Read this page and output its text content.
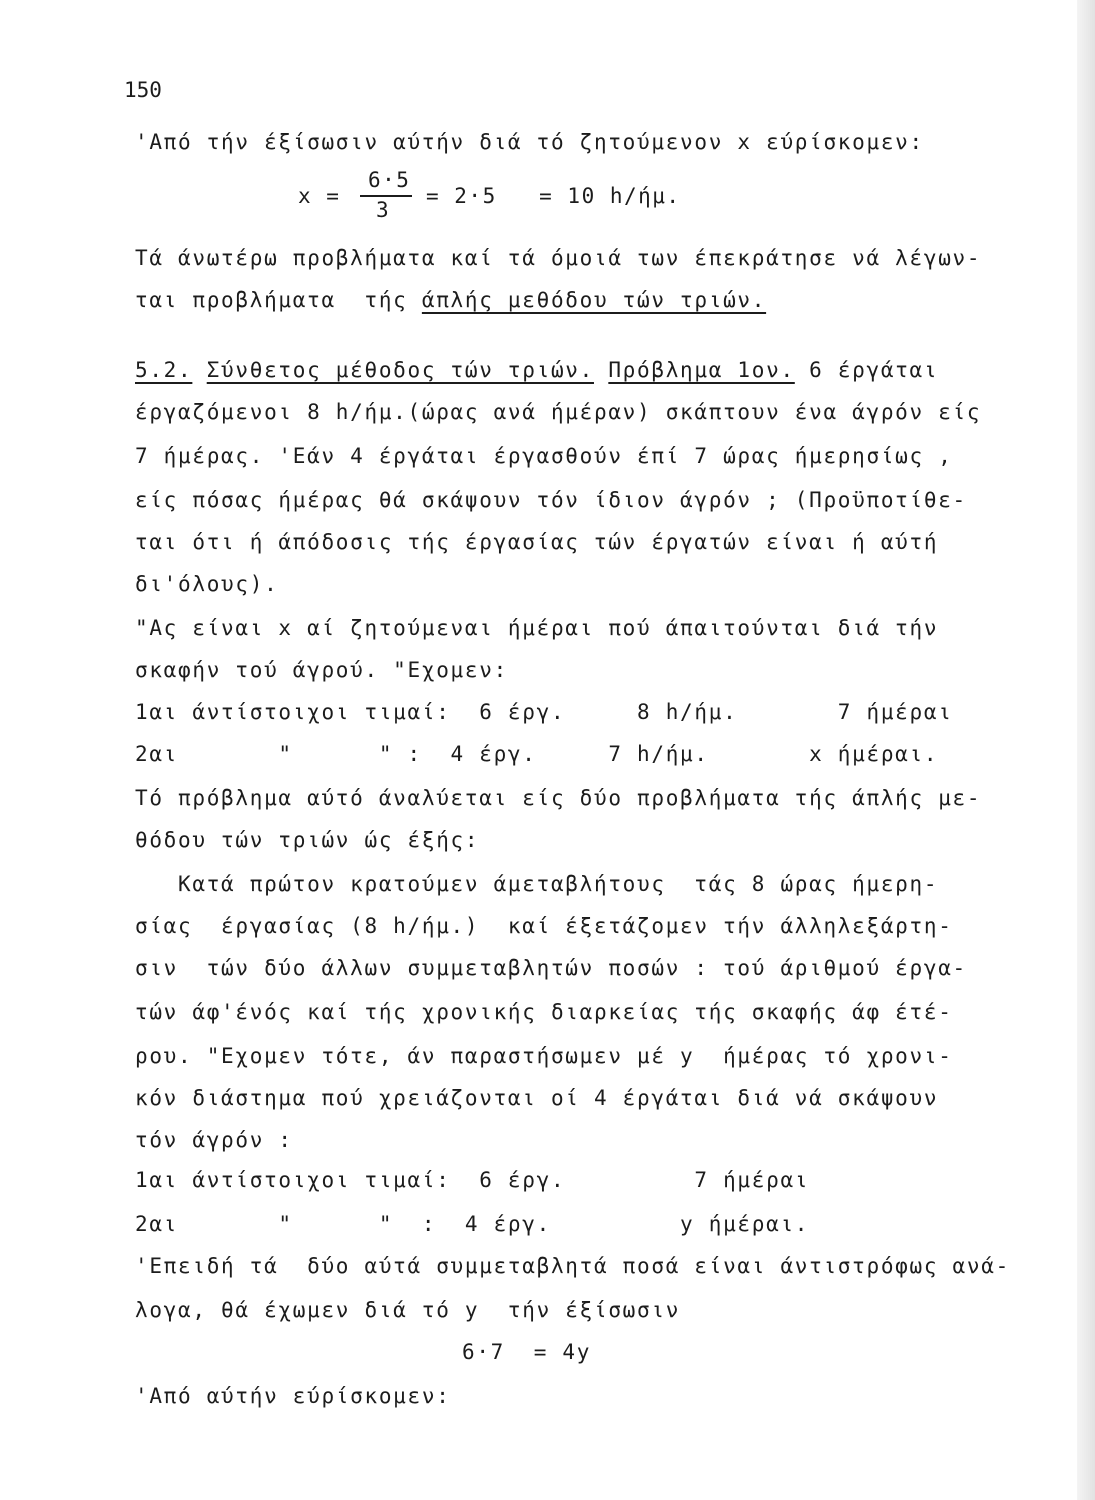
150
'Από τήν έξίσωσιν αύτήν διά τό ζητούμενον x εύρίσκομεν:

x =

6·5

3

= 2·5   = 10 h/ήμ.

Τά άνωτέρω προβλήματα καί τά όμοιά των έπεκράτησε νά λέγων-
ται προβλήματα  τής άπλής μεθόδου τών τριών.
5.2. Σύνθετος μέθοδος τών τριών. Πρόβλημα 1ον. 6 έργάται
έργαζόμενοι 8 h/ήμ.(ώρας ανά ήμέραν) σκάπτουν ένα άγρόν είς
7 ήμέρας. 'Εάν 4 έργάται έργασθούν έπί 7 ώρας ήμερησίως ,
είς πόσας ήμέρας θά σκάψουν τόν ίδιον άγρόν ; (Προϋποτίθε-
ται ότι ή άπόδοσις τής έργασίας τών έργατών είναι ή αύτή
δι'όλους).
"Ας είναι x αί ζητούμεναι ήμέραι πού άπαιτούνται διά τήν
σκαφήν τού άγρού. "Εχομεν:
1αι άντίστοιχοι τιμαί:  6 έργ.     8 h/ήμ.       7 ήμέραι
2αι       "      " :  4 έργ.     7 h/ήμ.       x ήμέραι.
Τό πρόβλημα αύτό άναλύεται είς δύο προβλήματα τής άπλής με-
θόδου τών τριών ώς έξής:
Κατά πρώτον κρατούμεν άμεταβλήτους  τάς 8 ώρας ήμερη-
σίας  έργασίας (8 h/ήμ.)  καί έξετάζομεν τήν άλληλεξάρτη-
σιν  τών δύο άλλων συμμεταβλητών ποσών : τού άριθμού έργα-
τών άφ'ένός καί τής χρονικής διαρκείας τής σκαφής άφ έτέ-
ρου. "Εχομεν τότε, άν παραστήσωμεν μέ y  ήμέρας τό χρονι-
κόν διάστημα πού χρειάζονται οί 4 έργάται διά νά σκάψουν
τόν άγρόν :
1αι άντίστοιχοι τιμαί:  6 έργ.         7 ήμέραι
2αι       "      "  :  4 έργ.         y ήμέραι.
'Επειδή τά  δύο αύτά συμμεταβλητά ποσά είναι άντιστρόφως ανά-
λογα, θά έχωμεν διά τό y  τήν έξίσωσιν
6·7  = 4y
'Από αύτήν εύρίσκομεν:
